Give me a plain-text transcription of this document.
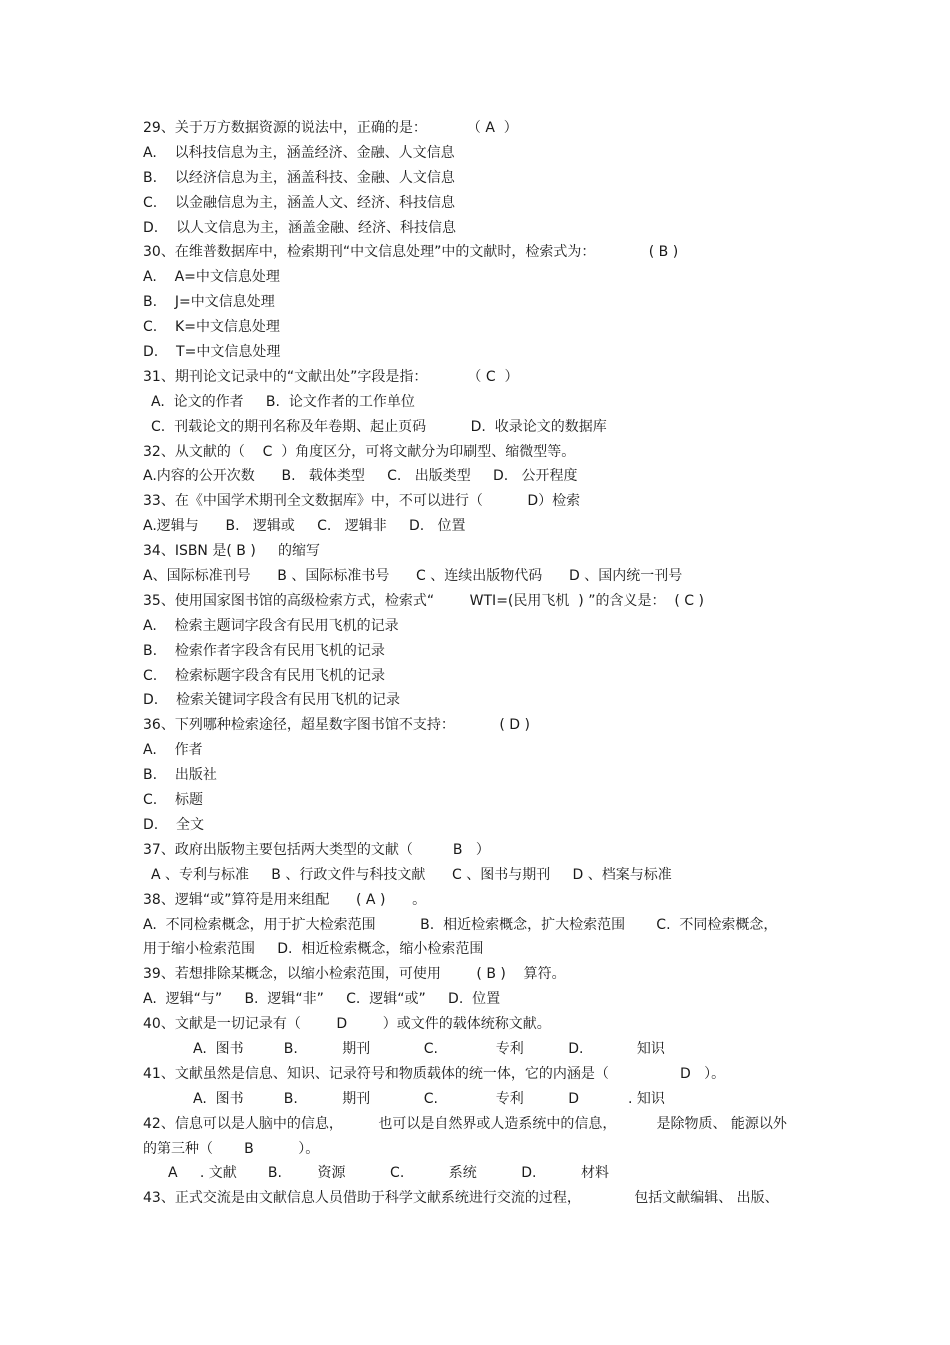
29、关于万方数据资源的说法中，正确的是：         （ A  ）
A.    以科技信息为主，涵盖经济、金融、人文信息
B.    以经济信息为主，涵盖科技、金融、人文信息
C.    以金融信息为主，涵盖人文、经济、科技信息
D.    以人文信息为主，涵盖金融、经济、科技信息
30、在维普数据库中，检索期刊“中文信息处理”中的文献时，检索式为：            ( B )
A.    A=中文信息处理
B.    J=中文信息处理
C.    K=中文信息处理
D.    T=中文信息处理
31、期刊论文记录中的“文献出处”字段是指：         （ C  ）
A.  论文的作者     B.  论文作者的工作单位
C.  刊载论文的期刊名称及年卷期、起止页码          D.  收录论文的数据库
32、从文献的（    C  ）角度区分，可将文献分为印刷型、缩微型等。
A.内容的公开次数      B.   载体类型     C.   出版类型     D.   公开程度
33、在《中国学术期刊全文数据库》中，不可以进行（          D）检索
A.逻辑与      B.   逻辑或     C.   逻辑非     D.   位置
34、ISBN 是( B )     的缩写
A、国际标准刊号      B 、国际标准书号      C 、连续出版物代码      D 、国内统一刊号
35、使用国家图书馆的高级检索方式，检索式“        WTI=(民用飞机  ) ”的含义是：  ( C )
A.    检索主题词字段含有民用飞机的记录
B.    检索作者字段含有民用飞机的记录
C.    检索标题字段含有民用飞机的记录
D.    检索关键词字段含有民用飞机的记录
36、下列哪种检索途径，超星数字图书馆不支持：          ( D )
A.    作者
B.    出版社
C.    标题
D.    全文
37、政府出版物主要包括两大类型的文献（         B   ）
A 、专利与标准     B 、行政文件与科技文献      C 、图书与期刊     D 、档案与标准
38、逻辑“或”算符是用来组配      ( A )      。
A.  不同检索概念，用于扩大检索范围          B.  相近检索概念，扩大检索范围       C.  不同检索概念，
用于缩小检索范围     D.  相近检索概念，缩小检索范围
39、若想排除某概念，以缩小检索范围，可使用        ( B )    算符。
A.  逻辑“与”     B.  逻辑“非”     C.  逻辑“或”     D.  位置
40、文献是一切记录有（        D        ）或文件的载体统称文献。
A.  图书         B.          期刊            C.             专利          D.            知识
41、文献虽然是信息、知识、记录符号和物质载体的统一体，它的内涵是（                D   ）。
A.  图书         B.          期刊            C.             专利          D           . 知识
42、信息可以是人脑中的信息，        也可以是自然界或人造系统中的信息，         是除物质、 能源以外
的第三种（       B          ）。
A     . 文献       B.        资源          C.          系统          D.          材料
43、正式交流是由文献信息人员借助于科学文献系统进行交流的过程，            包括文献编辑、 出版、
